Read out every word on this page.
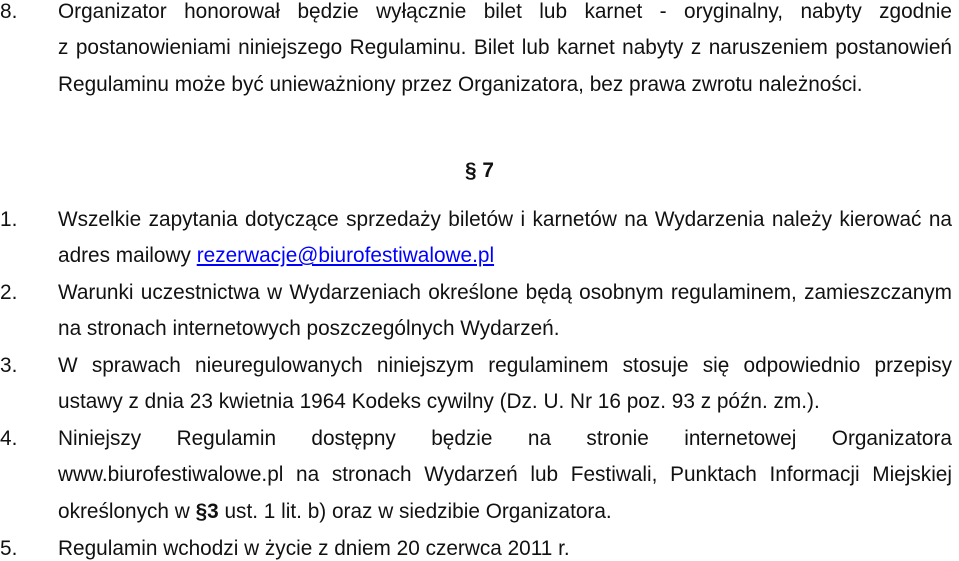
8.	Organizator honorował będzie wyłącznie bilet lub karnet - oryginalny, nabyty zgodnie
z postanowieniami niniejszego Regulaminu. Bilet lub karnet nabyty z naruszeniem postanowień
Regulaminu może być unieważniony przez Organizatora, bez prawa zwrotu należności.
§ 7
1.	Wszelkie zapytania dotyczące sprzedaży biletów i karnetów na Wydarzenia należy kierować na
adres mailowy rezerwacje@biurofestiwalowe.pl
2.	Warunki uczestnictwa w Wydarzeniach określone będą osobnym regulaminem, zamieszczanym
na stronach internetowych poszczególnych Wydarzeń.
3.	W sprawach nieuregulowanych niniejszym regulaminem stosuje się odpowiednio przepisy
ustawy z dnia 23 kwietnia 1964 Kodeks cywilny (Dz. U. Nr 16 poz. 93 z późn. zm.).
4.	Niniejszy Regulamin dostępny będzie na stronie internetowej Organizatora
www.biurofestiwalowe.pl na stronach Wydarzeń lub Festiwali, Punktach Informacji Miejskiej
określonych w §3 ust. 1 lit. b) oraz w siedzibie Organizatora.
5.	Regulamin wchodzi w życie z dniem 20 czerwca 2011 r.
